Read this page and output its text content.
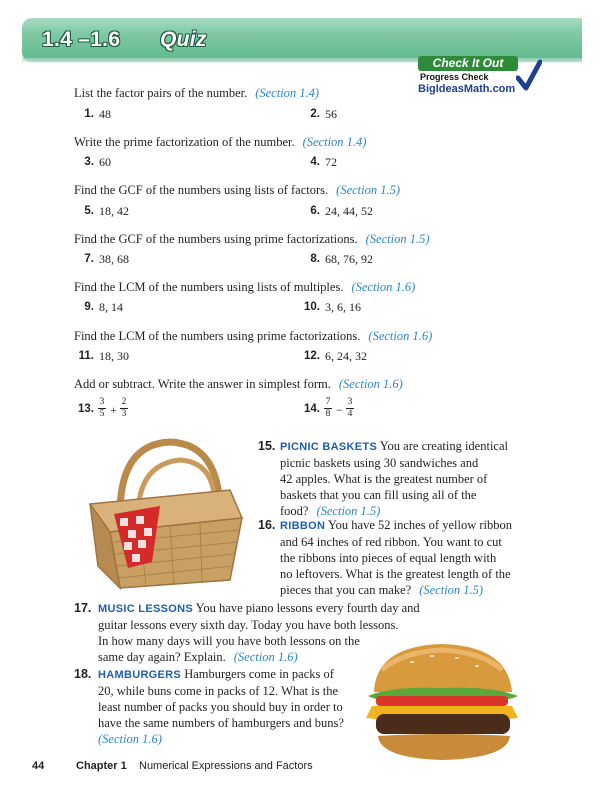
1.4 –1.6 Quiz
Check It Out
Progress Check
BigIdeasMath.com
List the factor pairs of the number. (Section 1.4)
1. 48	2. 56
Write the prime factorization of the number. (Section 1.4)
3. 60	4. 72
Find the GCF of the numbers using lists of factors. (Section 1.5)
5. 18, 42	6. 24, 44, 52
Find the GCF of the numbers using prime factorizations. (Section 1.5)
7. 38, 68	8. 68, 76, 92
Find the LCM of the numbers using lists of multiples. (Section 1.6)
9. 8, 14	10. 3, 6, 16
Find the LCM of the numbers using prime factorizations. (Section 1.6)
11. 18, 30	12. 6, 24, 32
Add or subtract. Write the answer in simplest form. (Section 1.6)
13.
3
5 +
2
3	14.
7
8 −
3
4
15. PICNIC BASKETS You are creating identical
picnic baskets using 30 sandwiches and
42 apples. What is the greatest number of
baskets that you can fill using all of the
food? (Section 1.5)
16. RIBBON You have 52 inches of yellow ribbon
and 64 inches of red ribbon. You want to cut
the ribbons into pieces of equal length with
no leftovers. What is the greatest length of the
pieces that you can make? (Section 1.5)
17. MUSIC LESSONS You have piano lessons every fourth day and
guitar lessons every sixth day. Today you have both lessons.
In how many days will you have both lessons on the
same day again? Explain. (Section 1.6)
18. HAMBURGERS Hamburgers come in packs of
20, while buns come in packs of 12. What is the
least number of packs you should buy in order to
have the same numbers of hamburgers and buns?
(Section 1.6)
44	Chapter 1 Numerical Expressions and Factors
